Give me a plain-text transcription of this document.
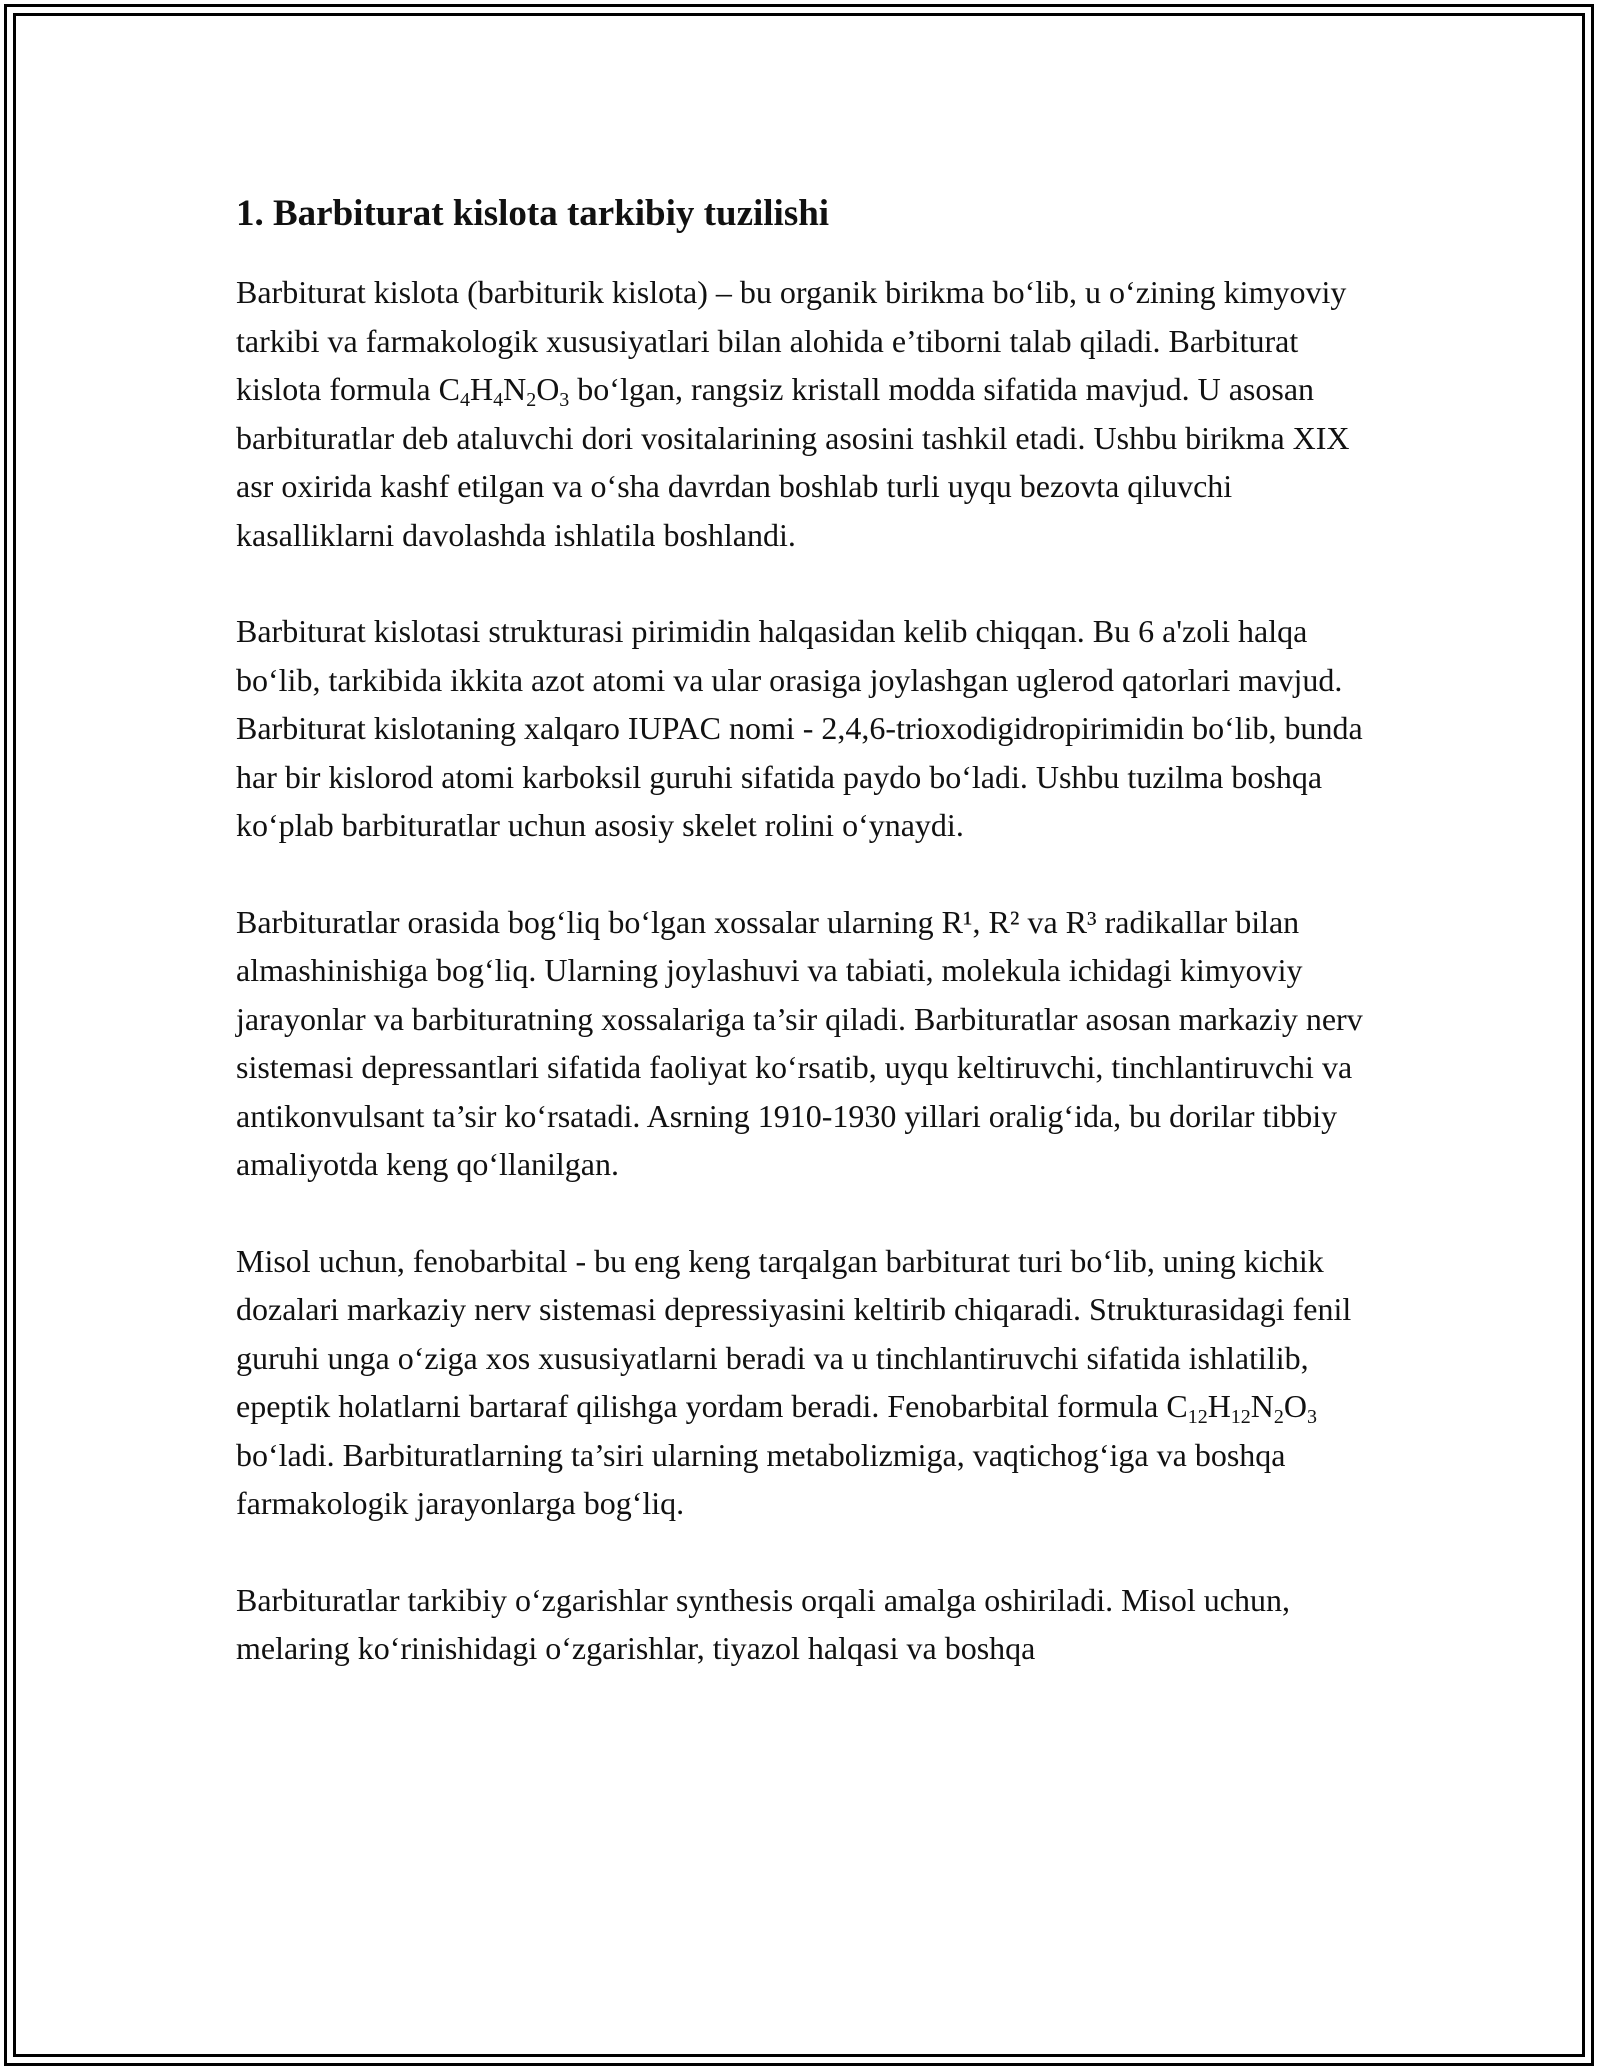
1. Barbiturat kislota tarkibiy tuzilishi

Barbiturat kislota (barbiturik kislota) – bu organik birikma bo‘lib, u o‘zining kimyoviy tarkibi va farmakologik xususiyatlari bilan alohida e’tiborni talab qiladi. Barbiturat kislota formula $C_4H_4N_2O_3$ bo‘lgan, rangsiz kristall modda sifatida mavjud. U asosan barbituratlar deb ataluvchi dori vositalarining asosini tashkil etadi. Ushbu birikma XIX asr oxirida kashf etilgan va o‘sha davrdan boshlab turli uyqu bezovta qiluvchi kasalliklarni davolashda ishlatila boshlandi.

Barbiturat kislotasi strukturasi pirimidin halqasidan kelib chiqqan. Bu 6 a'zoli halqa bo‘lib, tarkibida ikkita azot atomi va ular orasiga joylashgan uglerod qatorlari mavjud. Barbiturat kislotaning xalqaro IUPAC nomi - 2,4,6-trioxodigidropirimidin bo‘lib, bunda har bir kislorod atomi karboksil guruhi sifatida paydo bo‘ladi. Ushbu tuzilma boshqa ko‘plab barbituratlar uchun asosiy skelet rolini o‘ynaydi.

Barbituratlar orasida bog‘liq bo‘lgan xossalar ularning R¹, R² va R³ radikallar bilan almashinishiga bog‘liq. Ularning joylashuvi va tabiati, molekula ichidagi kimyoviy jarayonlar va barbituratning xossalariga ta’sir qiladi. Barbituratlar asosan markaziy nerv sistemasi depressantlari sifatida faoliyat ko‘rsatib, uyqu keltiruvchi, tinchlantiruvchi va antikonvulsant ta’sir ko‘rsatadi. Asrning 1910-1930 yillari oralig‘ida, bu dorilar tibbiy amaliyotda keng qo‘llanilgan.

Misol uchun, fenobarbital - bu eng keng tarqalgan barbiturat turi bo‘lib, uning kichik dozalari markaziy nerv sistemasi depressiyasini keltirib chiqaradi. Strukturasidagi fenil guruhi unga o‘ziga xos xususiyatlarni beradi va u tinchlantiruvchi sifatida ishlatilib, epeptik holatlarni bartaraf qilishga yordam beradi. Fenobarbital formula $C_{12}H_{12}N_2O_3$ bo‘ladi. Barbituratlarning ta’siri ularning metabolizmiga, vaqtichog‘iga va boshqa farmakologik jarayonlarga bog‘liq.

Barbituratlar tarkibiy o‘zgarishlar synthesis orqali amalga oshiriladi. Misol uchun, melaring ko‘rinishidagi o‘zgarishlar, tiyazol halqasi va boshqa
